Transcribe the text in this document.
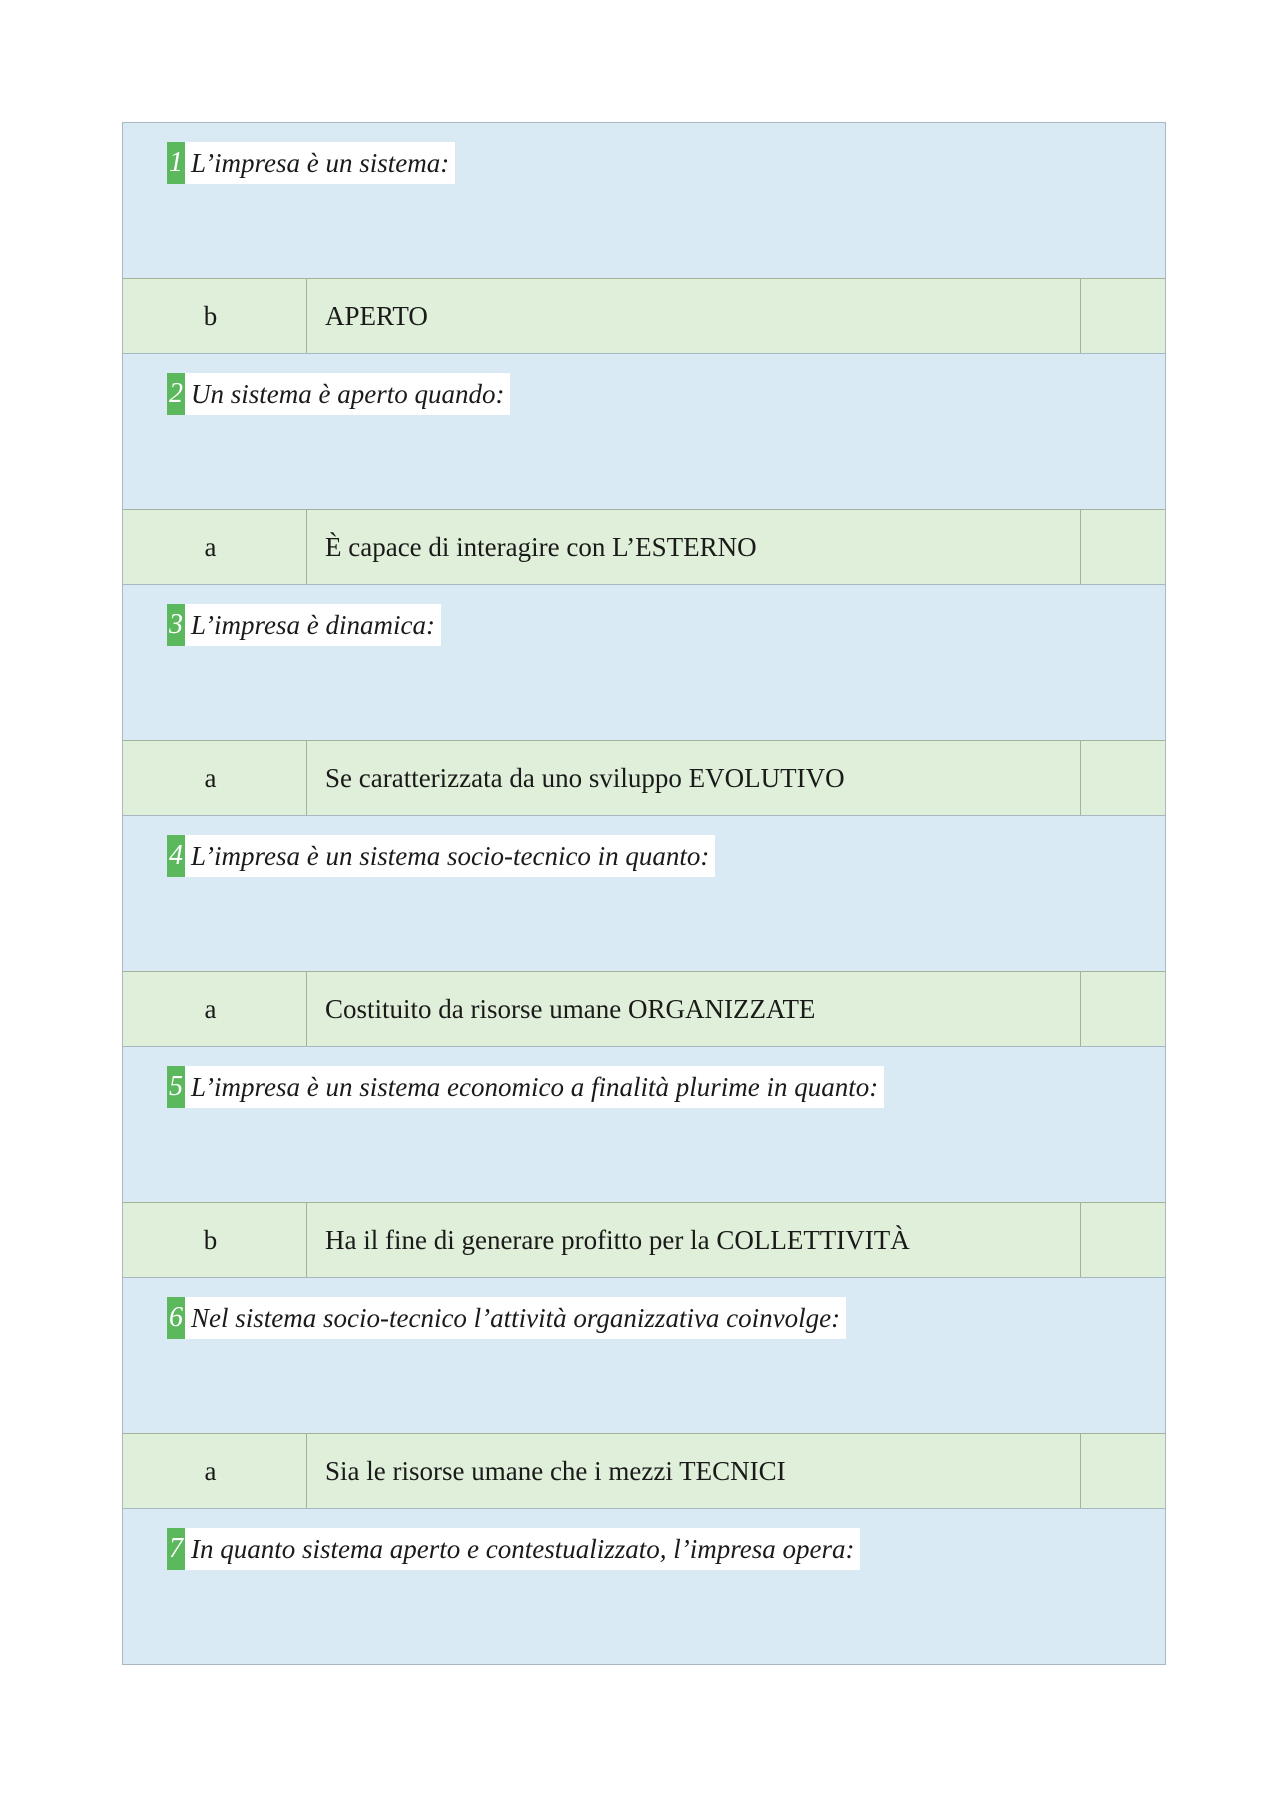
1 L’impresa è un sistema:
b	APERTO
2 Un sistema è aperto quando:
a	È capace di interagire con L’ESTERNO
3 L’impresa è dinamica:
a	Se caratterizzata da uno sviluppo EVOLUTIVO
4 L’impresa è un sistema socio-tecnico in quanto:
a	Costituito da risorse umane ORGANIZZATE
5 L’impresa è un sistema economico a finalità plurime in quanto:
b	Ha il fine di generare profitto per la COLLETTIVITÀ
6 Nel sistema socio-tecnico l’attività organizzativa coinvolge:
a	Sia le risorse umane che i mezzi TECNICI
7 In quanto sistema aperto e contestualizzato, l’impresa opera:
